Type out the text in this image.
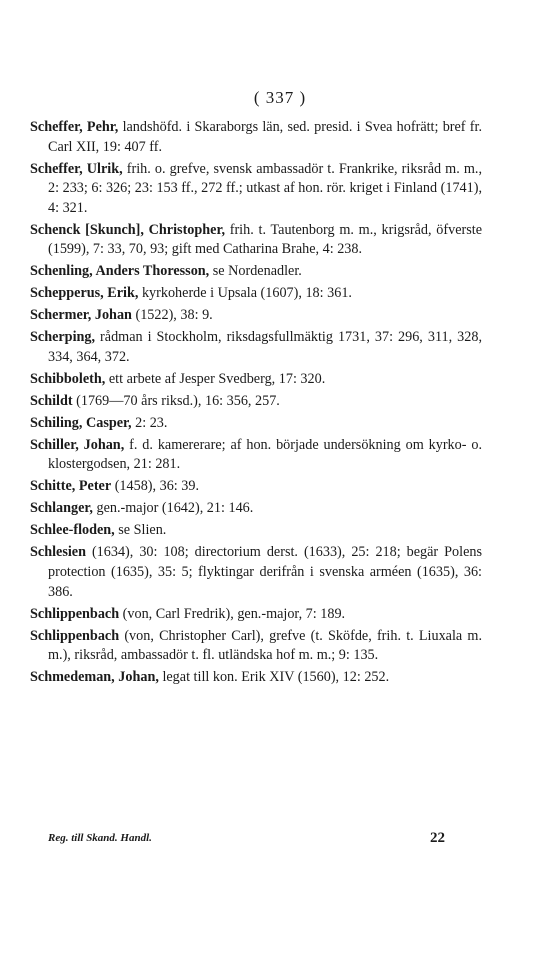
( 337 )
Scheffer, Pehr, landshöfd. i Skaraborgs län, sed. presid. i Svea hofrätt; bref fr. Carl XII, 19: 407 ff.
Scheffer, Ulrik, frih. o. grefve, svensk ambassadör t. Frankrike, riksråd m. m., 2: 233; 6: 326; 23: 153 ff., 272 ff.; utkast af hon. rör. kriget i Finland (1741), 4: 321.
Schenck [Skunch], Christopher, frih. t. Tautenborg m. m., krigsråd, öfverste (1599), 7: 33, 70, 93; gift med Catharina Brahe, 4: 238.
Schenling, Anders Thoresson, se Nordenadler.
Schepperus, Erik, kyrkoherde i Upsala (1607), 18: 361.
Schermer, Johan (1522), 38: 9.
Scherping, rådman i Stockholm, riksdagsfullmäktig 1731, 37: 296, 311, 328, 334, 364, 372.
Schibboleth, ett arbete af Jesper Svedberg, 17: 320.
Schildt (1769—70 års riksd.), 16: 356, 257.
Schiling, Casper, 2: 23.
Schiller, Johan, f. d. kamererare; af hon. började undersökning om kyrko- o. klostergodsen, 21: 281.
Schitte, Peter (1458), 36: 39.
Schlanger, gen.-major (1642), 21: 146.
Schlee-floden, se Slien.
Schlesien (1634), 30: 108; directorium derst. (1633), 25: 218; begär Polens protection (1635), 35: 5; flyktingar derifrån i svenska arméen (1635), 36: 386.
Schlippenbach (von, Carl Fredrik), gen.-major, 7: 189.
Schlippenbach (von, Christopher Carl), grefve (t. Sköfde, frih. t. Liuxala m. m.), riksråd, ambassadör t. fl. utländska hof m. m.; 9: 135.
Schmedeman, Johan, legat till kon. Erik XIV (1560), 12: 252.
Reg. till Skand. Handl.	22
